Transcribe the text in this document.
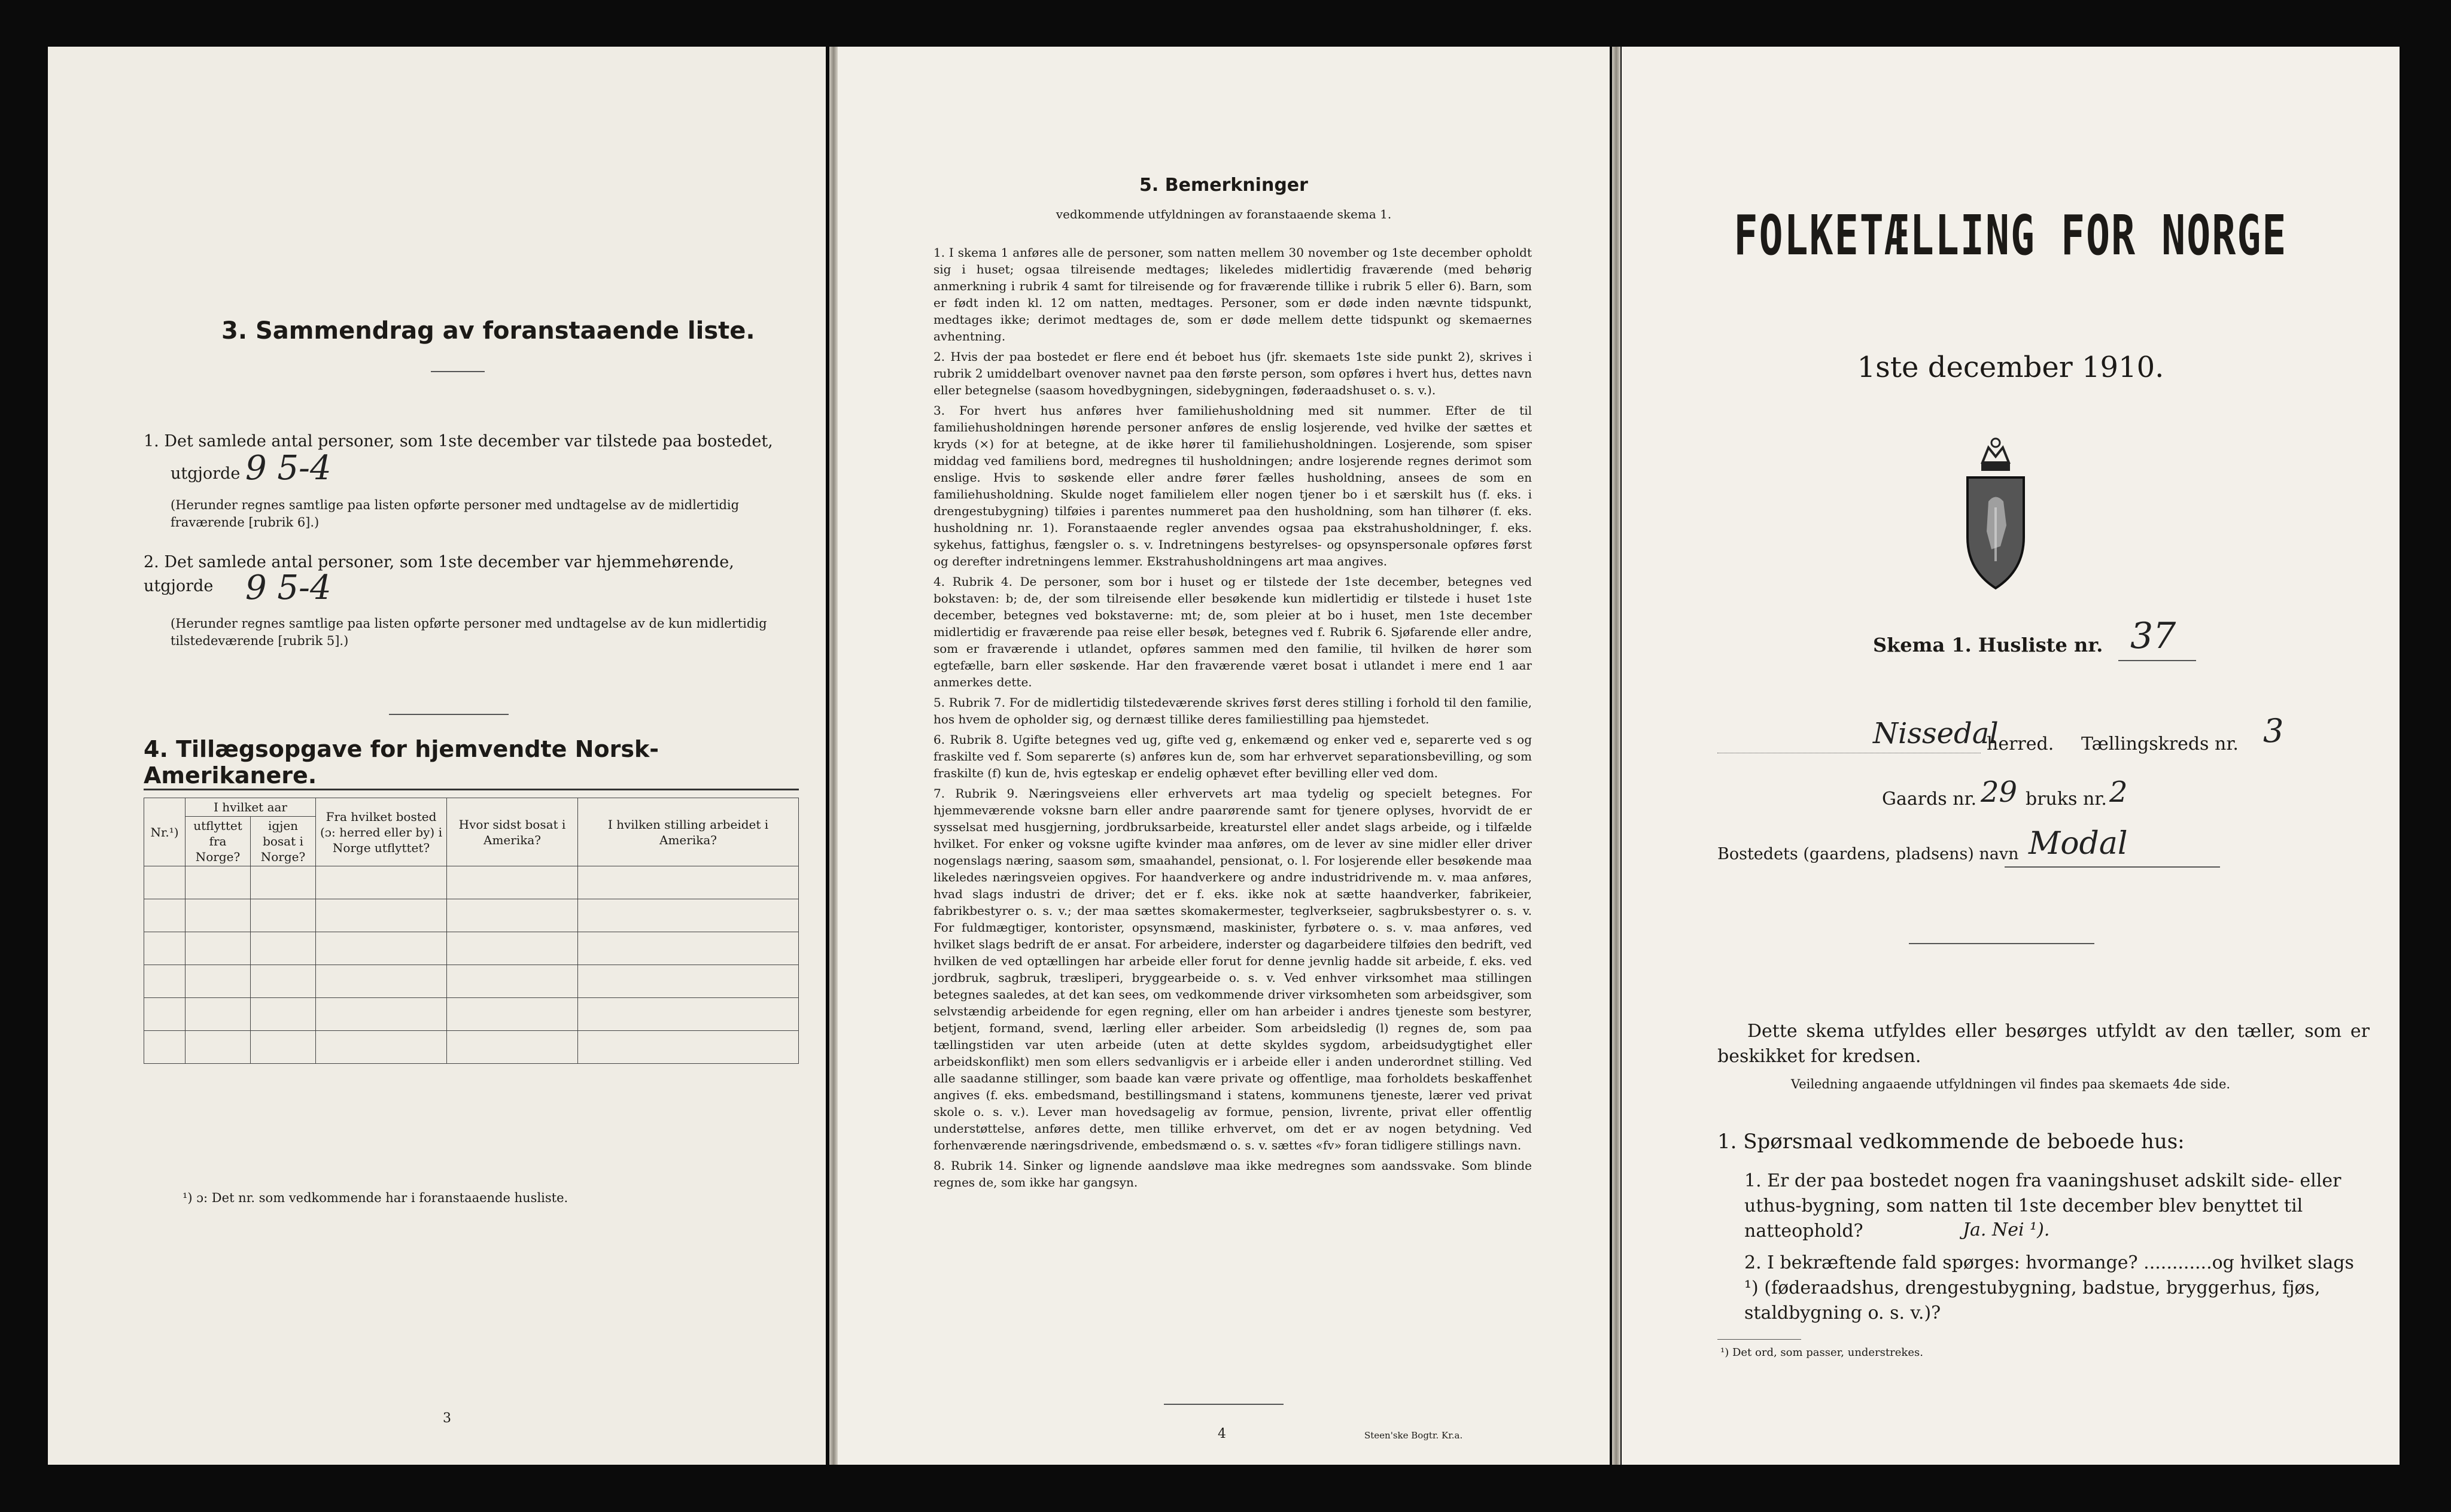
3. Sammendrag av foranstaaende liste.
1. Det samlede antal personer, som 1ste december var tilstede paa bostedet,
utgjorde 9 5-4
(Herunder regnes samtlige paa listen opførte personer med undtagelse av de midlertidig fraværende [rubrik 6].)
2. Det samlede antal personer, som 1ste december var hjemmehørende, utgjorde 9 5-4
(Herunder regnes samtlige paa listen opførte personer med undtagelse av de kun midlertidig tilstedeværende [rubrik 5].)
4. Tillægsopgave for hjemvendte Norsk-Amerikanere.
Nr.¹)	I hvilket aar		Fra hvilket bosted (ɔ: herred eller by) i Norge utflyttet?	Hvor sidst bosat i Amerika?	I hvilken stilling arbeidet i Amerika?
	utflyttet fra Norge?	igjen bosat i Norge?			

¹) ɔ: Det nr. som vedkommende har i foranstaaende husliste.
3
5. Bemerkninger
vedkommende utfyldningen av foranstaaende skema 1.
1. I skema 1 anføres alle de personer, som natten mellem 30 november og 1ste december opholdt sig i huset; ogsaa tilreisende medtages; likeledes midlertidig fraværende (med behørig anmerkning i rubrik 4 samt for tilreisende og for fraværende tillike i rubrik 5 eller 6). Barn, som er født inden kl. 12 om natten, medtages. Personer, som er døde inden nævnte tidspunkt, medtages ikke; derimot medtages de, som er døde mellem dette tidspunkt og skemaernes avhentning.
2. Hvis der paa bostedet er flere end ét beboet hus (jfr. skemaets 1ste side punkt 2), skrives i rubrik 2 umiddelbart ovenover navnet paa den første person, som opføres i hvert hus, dettes navn eller betegnelse (saasom hovedbygningen, sidebygningen, føderaadshuset o. s. v.).
3. For hvert hus anføres hver familiehusholdning med sit nummer. Efter de til familiehusholdningen hørende personer anføres de enslig losjerende, ved hvilke der sættes et kryds (×) for at betegne, at de ikke hører til familiehusholdningen. Losjerende, som spiser middag ved familiens bord, medregnes til husholdningen; andre losjerende regnes derimot som enslige. Hvis to søskende eller andre fører fælles husholdning, ansees de som en familiehusholdning. Skulde noget familielem eller nogen tjener bo i et særskilt hus (f. eks. i drengestubygning) tilføies i parentes nummeret paa den husholdning, som han tilhører (f. eks. husholdning nr. 1). Foranstaaende regler anvendes ogsaa paa ekstrahusholdninger, f. eks. sykehus, fattighus, fængsler o. s. v. Indretningens bestyrelses- og opsynspersonale opføres først og derefter indretningens lemmer. Ekstrahusholdningens art maa angives.
4. Rubrik 4. De personer, som bor i huset og er tilstede der 1ste december, betegnes ved bokstaven: b; de, der som tilreisende eller besøkende kun midlertidig er tilstede i huset 1ste december, betegnes ved bokstaverne: mt; de, som pleier at bo i huset, men 1ste december midlertidig er fraværende paa reise eller besøk, betegnes ved f. Rubrik 6. Sjøfarende eller andre, som er fraværende i utlandet, opføres sammen med den familie, til hvilken de hører som egtefælle, barn eller søskende. Har den fraværende været bosat i utlandet i mere end 1 aar anmerkes dette.
5. Rubrik 7. For de midlertidig tilstedeværende skrives først deres stilling i forhold til den familie, hos hvem de opholder sig, og dernæst tillike deres familiestilling paa hjemstedet.
6. Rubrik 8. Ugifte betegnes ved ug, gifte ved g, enkemænd og enker ved e, separerte ved s og fraskilte ved f. Som separerte (s) anføres kun de, som har erhvervet separationsbevilling, og som fraskilte (f) kun de, hvis egteskap er endelig ophævet efter bevilling eller ved dom.
7. Rubrik 9. Næringsveiens eller erhvervets art maa tydelig og specielt betegnes. For hjemmeværende voksne barn eller andre paarørende samt for tjenere oplyses, hvorvidt de er sysselsat med husgjerning, jordbruksarbeide, kreaturstel eller andet slags arbeide, og i tilfælde hvilket. For enker og voksne ugifte kvinder maa anføres, om de lever av sine midler eller driver nogenslags næring, saasom søm, smaahandel, pensionat, o. l. For losjerende eller besøkende maa likeledes næringsveien opgives. For haandverkere og andre industridrivende m. v. maa anføres, hvad slags industri de driver; det er f. eks. ikke nok at sætte haandverker, fabrikeier, fabrikbestyrer o. s. v.; der maa sættes skomakermester, teglverkseier, sagbruksbestyrer o. s. v. For fuldmægtiger, kontorister, opsynsmænd, maskinister, fyrbøtere o. s. v. maa anføres, ved hvilket slags bedrift de er ansat. For arbeidere, inderster og dagarbeidere tilføies den bedrift, ved hvilken de ved optællingen har arbeide eller forut for denne jevnlig hadde sit arbeide, f. eks. ved jordbruk, sagbruk, træsliperi, bryggearbeide o. s. v. Ved enhver virksomhet maa stillingen betegnes saaledes, at det kan sees, om vedkommende driver virksomheten som arbeidsgiver, som selvstændig arbeidende for egen regning, eller om han arbeider i andres tjeneste som bestyrer, betjent, formand, svend, lærling eller arbeider. Som arbeidsledig (l) regnes de, som paa tællingstiden var uten arbeide (uten at dette skyldes sygdom, arbeidsudygtighet eller arbeidskonflikt) men som ellers sedvanligvis er i arbeide eller i anden underordnet stilling. Ved alle saadanne stillinger, som baade kan være private og offentlige, maa forholdets beskaffenhet angives (f. eks. embedsmand, bestillingsmand i statens, kommunens tjeneste, lærer ved privat skole o. s. v.). Lever man hovedsagelig av formue, pension, livrente, privat eller offentlig understøttelse, anføres dette, men tillike erhvervet, om det er av nogen betydning. Ved forhenværende næringsdrivende, embedsmænd o. s. v. sættes «fv» foran tidligere stillings navn.
8. Rubrik 14. Sinker og lignende aandsløve maa ikke medregnes som aandssvake. Som blinde regnes de, som ikke har gangsyn.
4	Steen'ske Bogtr. Kr.a.
FOLKETÆLLING FOR NORGE
1ste december 1910.
Skema 1. Husliste nr. 37
Nissedal
herred. Tællingskreds nr. 3
Gaards nr. 29 bruks nr. 2
Bostedets (gaardens, pladsens) navn Modal
Dette skema utfyldes eller besørges utfyldt av den tæller, som er beskikket for kredsen.
Veiledning angaaende utfyldningen vil findes paa skemaets 4de side.
1. Spørsmaal vedkommende de beboede hus:
1. Er der paa bostedet nogen fra vaaningshuset adskilt side- eller uthus-bygning, som natten til 1ste december blev benyttet til natteophold?	Ja. Nei ¹).
2. I bekræftende fald spørges: hvormange? ............og hvilket slags ¹) (føderaadshus, drengestubygning, badstue, bryggerhus, fjøs, staldbygning o. s. v.)?
¹) Det ord, som passer, understrekes.
